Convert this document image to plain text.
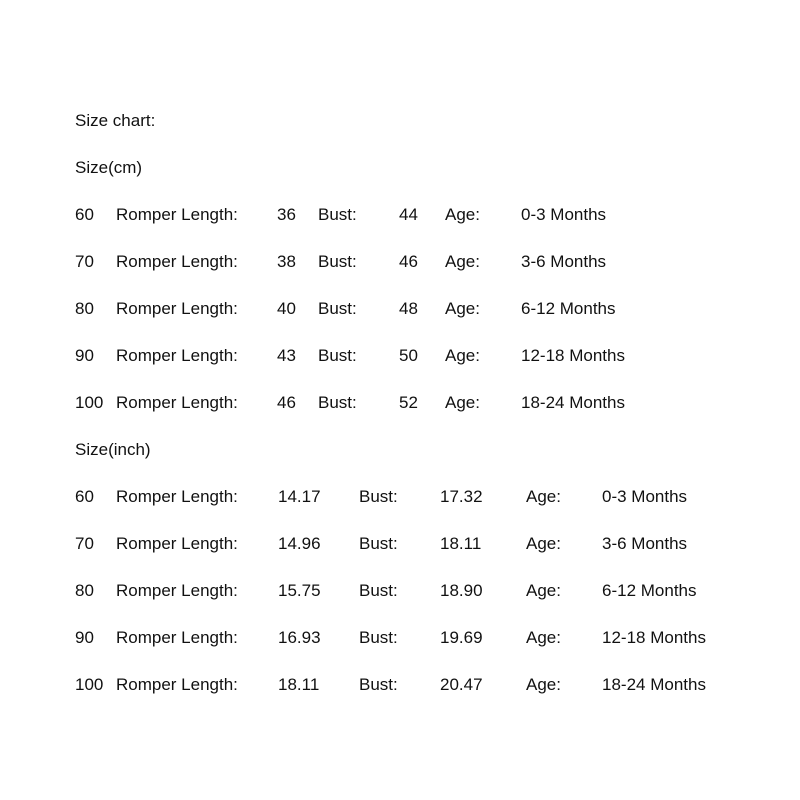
Size chart:
Size(cm)
60 Romper Length: 36 Bust: 44 Age: 0-3 Months
70 Romper Length: 38 Bust: 46 Age: 3-6 Months
80 Romper Length: 40 Bust: 48 Age: 6-12 Months
90 Romper Length: 43 Bust: 50 Age: 12-18 Months
100 Romper Length: 46 Bust: 52 Age: 18-24 Months
Size(inch)
60 Romper Length: 14.17 Bust: 17.32	Age: 0-3 Months
70 Romper Length: 14.96 Bust: 18.11	Age: 3-6 Months
80 Romper Length: 15.75 Bust: 18.90	Age: 6-12 Months
90 Romper Length: 16.93 Bust: 19.69	Age: 12-18 Months
100 Romper Length: 18.11 Bust: 20.47	Age: 18-24 Months
